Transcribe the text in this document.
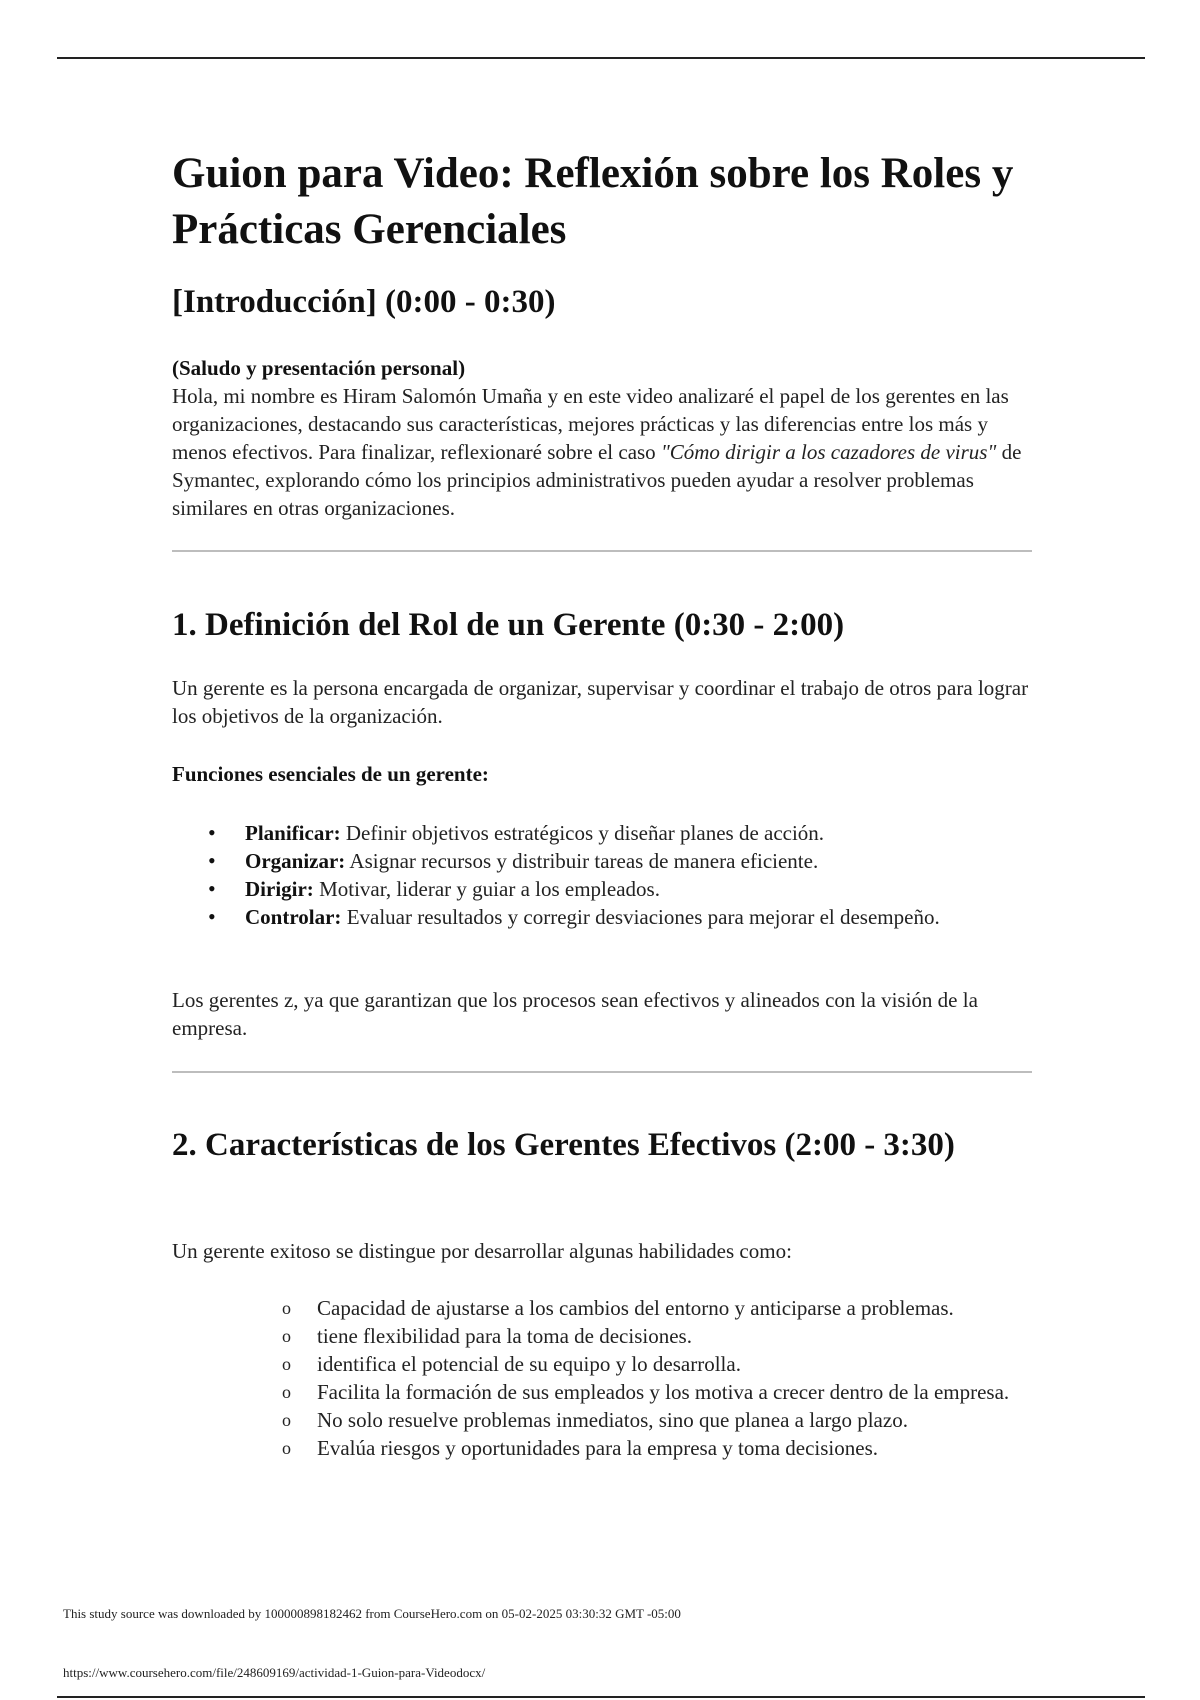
Guion para Video: Reflexión sobre los Roles y Prácticas Gerenciales
[Introducción] (0:00 - 0:30)

(Saludo y presentación personal)
Hola, mi nombre es Hiram Salomón Umaña y en este video analizaré el papel de los gerentes en las organizaciones, destacando sus características, mejores prácticas y las diferencias entre los más y menos efectivos. Para finalizar, reflexionaré sobre el caso "Cómo dirigir a los cazadores de virus" de Symantec, explorando cómo los principios administrativos pueden ayudar a resolver problemas similares en otras organizaciones.

1. Definición del Rol de un Gerente (0:30 - 2:00)

Un gerente es la persona encargada de organizar, supervisar y coordinar el trabajo de otros para lograr los objetivos de la organización.

Funciones esenciales de un gerente:

• Planificar: Definir objetivos estratégicos y diseñar planes de acción.
• Organizar: Asignar recursos y distribuir tareas de manera eficiente.
• Dirigir: Motivar, liderar y guiar a los empleados.
• Controlar: Evaluar resultados y corregir desviaciones para mejorar el desempeño.

Los gerentes z, ya que garantizan que los procesos sean efectivos y alineados con la visión de la empresa.

2. Características de los Gerentes Efectivos (2:00 - 3:30)

Un gerente exitoso se distingue por desarrollar algunas habilidades como:

o Capacidad de ajustarse a los cambios del entorno y anticiparse a problemas.
o tiene flexibilidad para la toma de decisiones.
o identifica el potencial de su equipo y lo desarrolla.
o Facilita la formación de sus empleados y los motiva a crecer dentro de la empresa.
o No solo resuelve problemas inmediatos, sino que planea a largo plazo.
o Evalúa riesgos y oportunidades para la empresa y toma decisiones.
This study source was downloaded by 100000898182462 from CourseHero.com on 05-02-2025 03:30:32 GMT -05:00
https://www.coursehero.com/file/248609169/actividad-1-Guion-para-Videodocx/
